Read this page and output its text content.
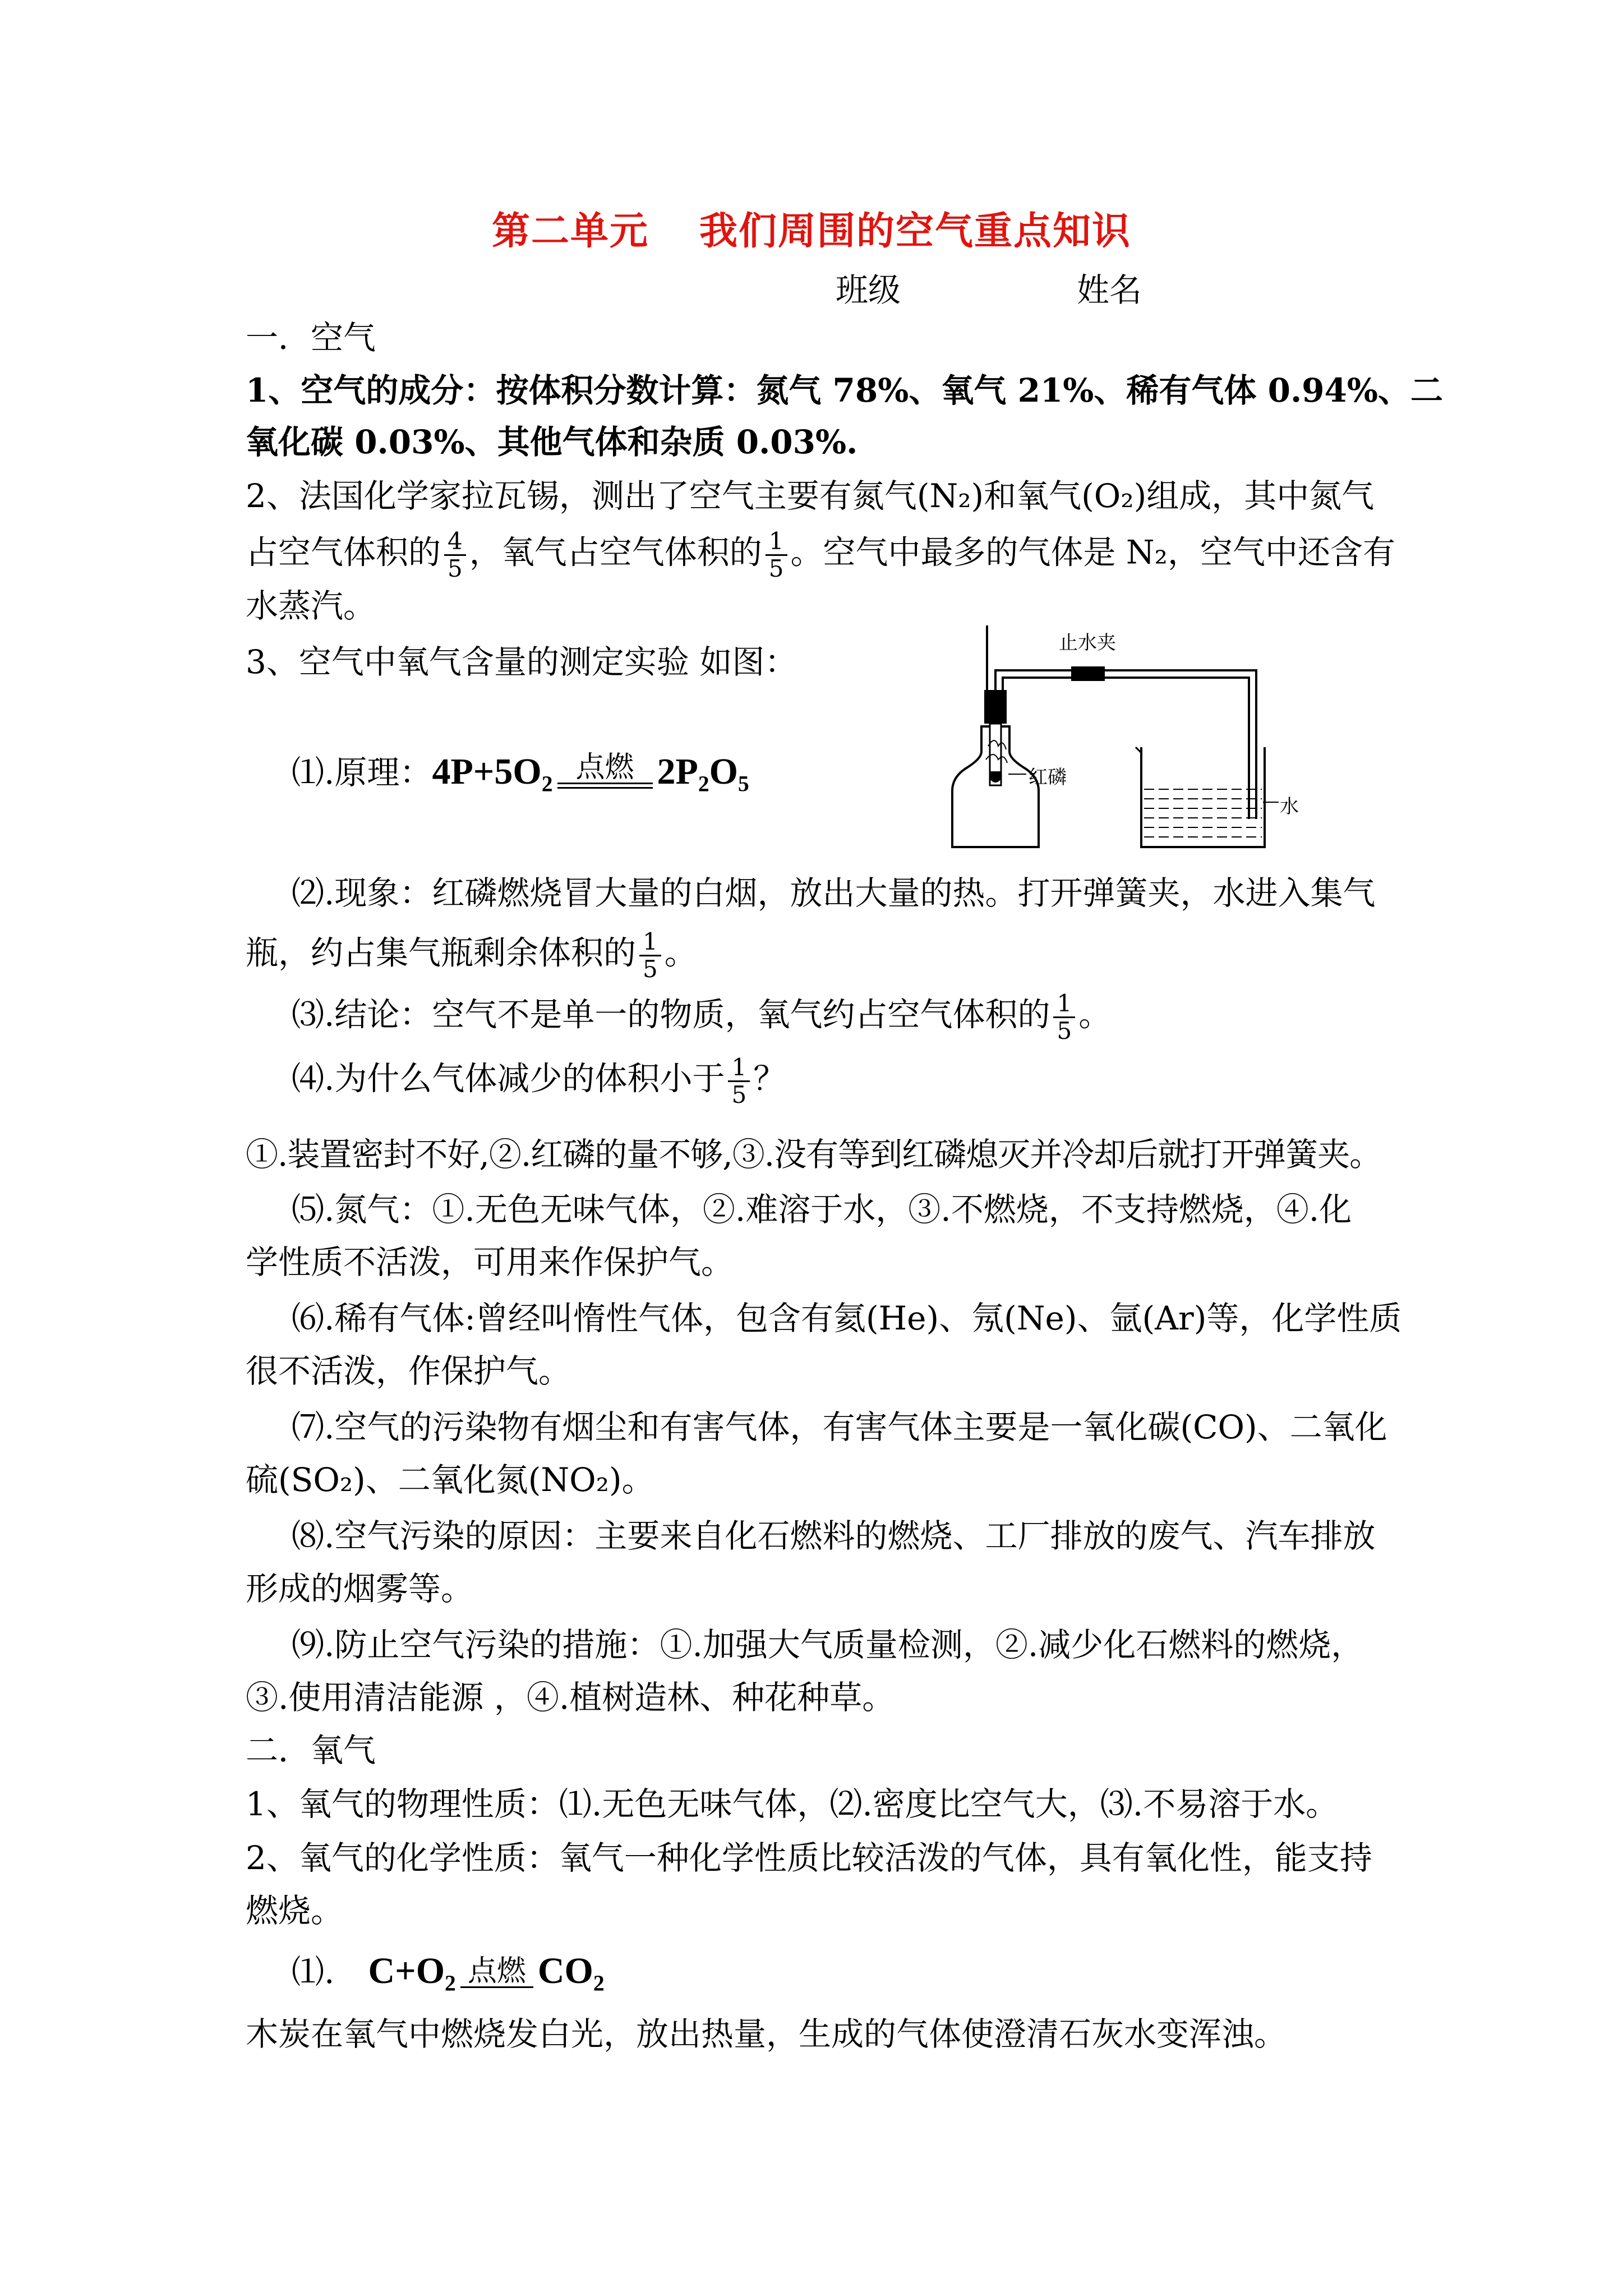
第二单元 我们周围的空气重点知识
班级	姓名
一．空气
1、空气的成分：按体积分数计算：氮气 78%、氧气 21%、稀有气体 0.94%、二
氧化碳 0.03%、其他气体和杂质 0.03%.
2、法国化学家拉瓦锡，测出了空气主要有氮气(N₂)和氧气(O₂)组成，其中氮气
占空气体积的 $\frac{4}{5}$ ，氧气占空气体积的 $\frac{1}{5}$ 。空气中最多的气体是 N₂，空气中还含有
水蒸汽。
3、空气中氧气含量的测定实验 如图：
⑴.原理：4P+5O₂ 点燃 2P₂O₅
止水夹
红磷
水
⑵.现象：红磷燃烧冒大量的白烟，放出大量的热。打开弹簧夹，水进入集气
瓶，约占集气瓶剩余体积的 $\frac{1}{5}$ 。
⑶.结论：空气不是单一的物质，氧气约占空气体积的 $\frac{1}{5}$ 。
⑷.为什么气体减少的体积小于 $\frac{1}{5}$ ？
①.装置密封不好,②.红磷的量不够,③.没有等到红磷熄灭并冷却后就打开弹簧夹。
⑸.氮气：①.无色无味气体，②.难溶于水，③.不燃烧，不支持燃烧，④.化
学性质不活泼，可用来作保护气。
⑹.稀有气体:曾经叫惰性气体，包含有氦(He)、氖(Ne)、氩(Ar)等，化学性质
很不活泼，作保护气。
⑺.空气的污染物有烟尘和有害气体，有害气体主要是一氧化碳(CO)、二氧化
硫(SO₂)、二氧化氮(NO₂)。
⑻.空气污染的原因：主要来自化石燃料的燃烧、工厂排放的废气、汽车排放
形成的烟雾等。
⑼.防止空气污染的措施：①.加强大气质量检测，②.减少化石燃料的燃烧，
③.使用清洁能源 ，④.植树造林、种花种草。
二．氧气
1、氧气的物理性质：⑴.无色无味气体，⑵.密度比空气大，⑶.不易溶于水。
2、氧气的化学性质：氧气一种化学性质比较活泼的气体，具有氧化性，能支持
燃烧。
⑴. C+O₂ 点燃 CO₂
木炭在氧气中燃烧发白光，放出热量，生成的气体使澄清石灰水变浑浊。
